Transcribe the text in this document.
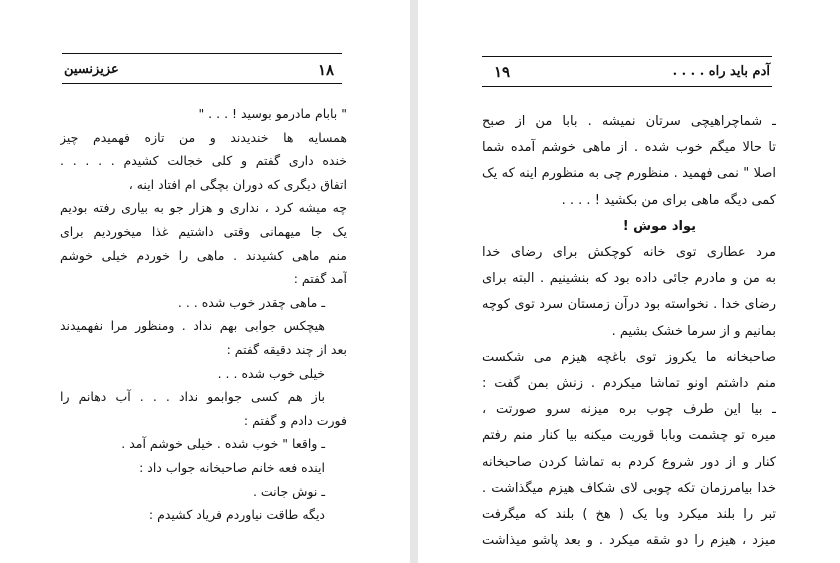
عزیزنسین	۱۸
" بابام مادرمو بوسید ! . . . "
همسایه ها خندیدند و من تازه فهمیدم چیز
خنده داری گفتم و کلی خجالت کشیدم . . . . .
اتفاق دیگری که دوران بچگی ام افتاد اینه ،
چه میشه کرد ، نداری و هزار جو به بیاری رفته بودیم
یک جا میهمانی وقتی داشتیم غذا میخوردیم برای
منم ماهی کشیدند . ماهی را خوردم خیلی خوشم
آمد گفتم :
ـ ماهی چقدر خوب شده . . .
هیچکس جوابی بهم نداد . ومنظور مرا نفهمیدند
بعد از چند دقیقه گفتم :
خیلی خوب شده . . .
باز هم کسی جوابمو نداد . . . آب دهانم را
فورت دادم و گفتم :
ـ واقعا " خوب شده . خیلی خوشم آمد .
اینده فعه خانم صاحبخانه جواب داد :
ـ نوش جانت .
دیگه طاقت نیاوردم فریاد کشیدم :
آدم باید راه . . . .
۱۹
ـ شماچراهیچی سرتان نمیشه . بابا من از صبح
تا حالا میگم خوب شده . از ماهی خوشم آمده شما
اصلا " نمی فهمید . منظورم چی به منظورم اینه که یک
کمی دیگه ماهی برای من بکشید ! . . . .
یواد موش !
مرد عطاری توی خانه کوچکش برای رضای خدا
به من و مادرم جائی داده بود که بنشینیم . البته برای
رضای خدا . نخواسته بود درآن زمستان سرد توی کوچه
بمانیم و از سرما خشک بشیم .
صاحبخانه ما یکروز توی باغچه هیزم می شکست
منم داشتم اونو تماشا میکردم . زنش بمن گفت :
ـ بیا این طرف چوب بره میزنه سرو صورتت ،
میره تو چشمت وبابا قوریت میکنه بیا کنار منم رفتم
کنار و از دور شروع کردم به تماشا کردن صاحبخانه
خدا بیامرزمان تکه چوبی لای شکاف هیزم میگذاشت .
تبر را بلند میکرد وبا یک ( هخ ) بلند که میگرفت
میزد ، هیزم را دو شقه میکرد . و بعد پاشو میذاشت
